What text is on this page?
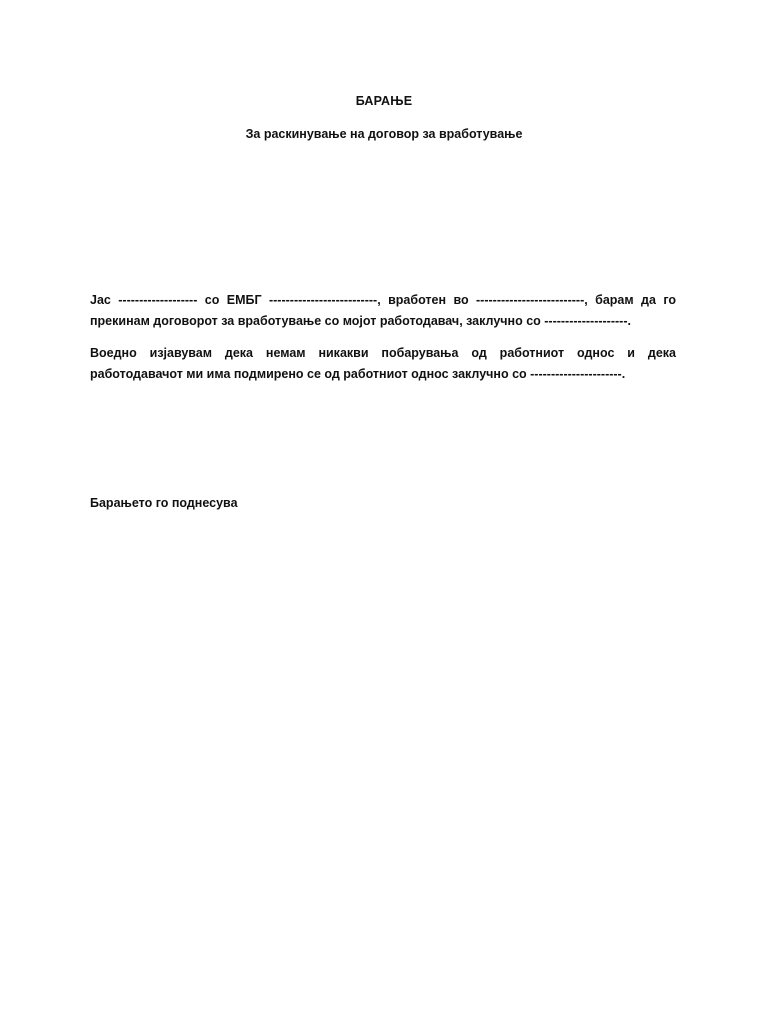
БАРАЊЕ

За раскинување на договор за вработување

Јас ------------------- со ЕМБГ --------------------------, вработен во --------------------------, барам да го прекинам договорот за вработување со мојот работодавач, заклучно со --------------------.

Воедно изјавувам дека немам никакви побарувања од работниот однос и дека работодавачот ми има подмирено се од работниот однос заклучно со ----------------------.

Барањето го поднесува
